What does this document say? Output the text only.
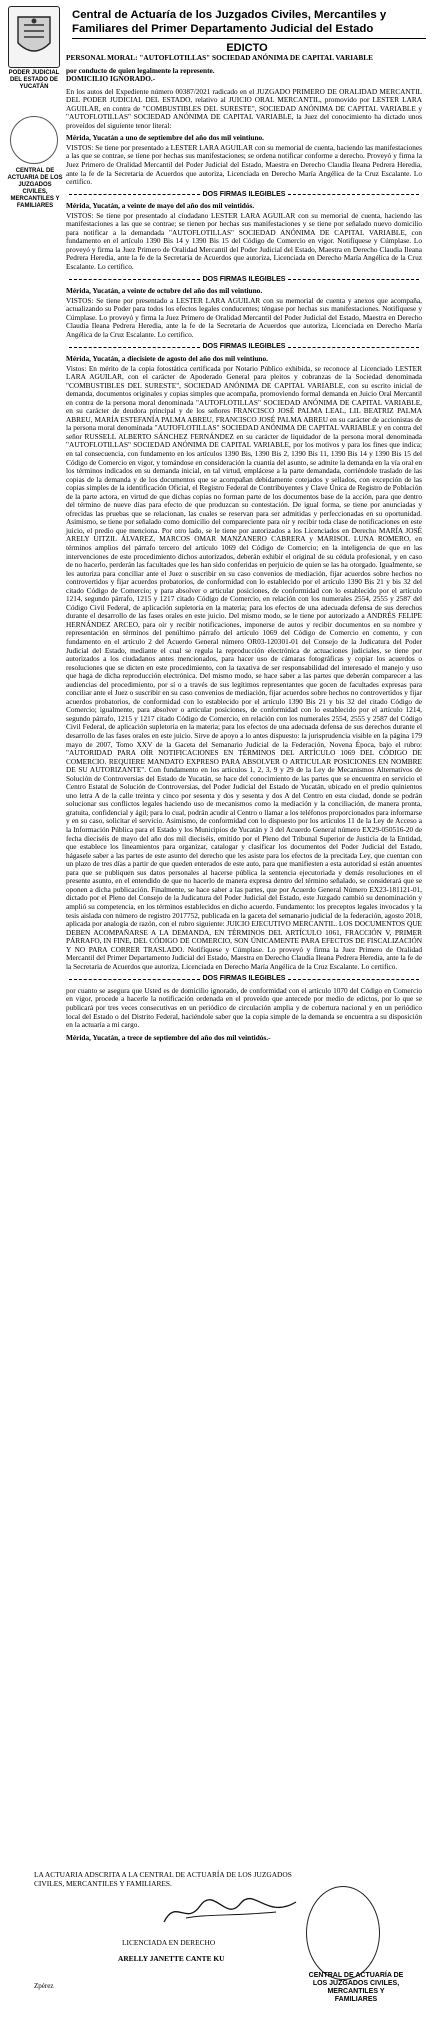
PODER JUDICIAL DEL ESTADO DE YUCATÁN
CENTRAL DE ACTUARIA DE LOS JUZGADOS CIVILES, MERCANTILES Y FAMILIARES
Central de Actuaría de los Juzgados Civiles, Mercantiles y Familiares del Primer Departamento Judicial del Estado
EDICTO

PERSONAL MORAL: "AUTOFLOTILLAS" SOCIEDAD ANÓNIMA DE CAPITAL VARIABLE

por conducto de quien legalmente la represente.

DOMICILIO IGNORADO.-

En los autos del Expediente número 00387/2021 radicado en el JUZGADO PRIMERO DE ORALIDAD MERCANTIL DEL PODER JUDICIAL DEL ESTADO, relativo al JUICIO ORAL MERCANTIL, promovido por LESTER LARA AGUILAR, en contra de "COMBUSTIBLES DEL SURESTE", SOCIEDAD ANÓNIMA DE CAPITAL VARIABLE y "AUTOFLOTILLAS" SOCIEDAD ANÓNIMA DE CAPITAL VARIABLE, la Juez del conocimiento ha dictado unos proveídos del siguiente tenor literal:

Mérida, Yucatán a uno de septiembre del año dos mil veintiuno.

VISTOS: Se tiene por presentado a LESTER LARA AGUILAR con su memorial de cuenta, haciendo las manifestaciones a las que se contrae, se tiene por hechas sus manifestaciones; se ordena notificar conforme a derecho. Proveyó y firma la Juez Primero de Oralidad Mercantil del Poder Judicial del Estado, Maestra en Derecho Claudia Ileana Pedrera Heredia, ante la fe de la Secretaria de Acuerdos que autoriza, Licenciada en Derecho María Angélica de la Cruz Escalante. Lo certifico.

DOS FIRMAS ILEGIBLES
Mérida, Yucatán, a veinte de mayo del año dos mil veintidós.

VISTOS: Se tiene por presentado al ciudadano LESTER LARA AGUILAR con su memorial de cuenta, haciendo las manifestaciones a las que se contrae; se tienen por hechas sus manifestaciones y se tiene por señalado nuevo domicilio para notificar a la demandada "AUTOFLOTILLAS" SOCIEDAD ANÓNIMA DE CAPITAL VARIABLE, con fundamento en el artículo 1390 Bis 14 y 1390 Bis 15 del Código de Comercio en vigor. Notifíquese y Cúmplase. Lo proveyó y firma la Juez Primero de Oralidad Mercantil del Poder Judicial del Estado, Maestra en Derecho Claudia Ileana Pedrera Heredia, ante la fe de la Secretaria de Acuerdos que autoriza, Licenciada en Derecho María Angélica de la Cruz Escalante. Lo certifico.

DOS FIRMAS ILEGIBLES
Mérida, Yucatán, a veinte de octubre del año dos mil veintiuno.

VISTOS: Se tiene por presentado a LESTER LARA AGUILAR con su memorial de cuenta y anexos que acompaña, actualizando su Poder para todos los efectos legales conducentes; téngase por hechas sus manifestaciones. Notifíquese y Cúmplase. Lo proveyó y firma la Juez Primero de Oralidad Mercantil del Poder Judicial del Estado, Maestra en Derecho Claudia Ileana Pedrera Heredia, ante la fe de la Secretaria de Acuerdos que autoriza, Licenciada en Derecho María Angélica de la Cruz Escalante. Lo certifico.

DOS FIRMAS ILEGIBLES
Mérida, Yucatán, a diecisiete de agosto del año dos mil veintiuno.

Vistos: En mérito de la copia fotostática certificada por Notario Público exhibida, se reconoce al Licenciado LESTER LARA AGUILAR, con el carácter de Apoderado General para pleitos y cobranzas de la Sociedad denominada "COMBUSTIBLES DEL SURESTE", SOCIEDAD ANÓNIMA DE CAPITAL VARIABLE, con su escrito inicial de demanda, documentos originales y copias simples que acompaña, promoviendo formal demanda en Juicio Oral Mercantil en contra de la persona moral denominada "AUTOFLOTILLAS" SOCIEDAD ANÓNIMA DE CAPITAL VARIABLE, en su carácter de deudora principal y de los señores FRANCISCO JOSÉ PALMA LEAL, LIL BEATRIZ PALMA ABREU, MARÍA ESTEFANÍA PALMA ABREU, FRANCISCO JOSÉ PALMA ABREU en su carácter de accionistas de la persona moral denominada "AUTOFLOTILLAS" SOCIEDAD ANÓNIMA DE CAPITAL VARIABLE y en contra del señor RUSSELL ALBERTO SÁNCHEZ FERNÁNDEZ en su carácter de liquidador de la persona moral denominada "AUTOFLOTILLAS" SOCIEDAD ANÓNIMA DE CAPITAL VARIABLE, por los motivos y para los fines que indica; en tal consecuencia, con fundamento en los artículos 1390 Bis, 1390 Bis 2, 1390 Bis 11, 1390 Bis 14 y 1390 Bis 15 del Código de Comercio en vigor, y tomándose en consideración la cuantía del asunto, se admite la demanda en la vía oral en los términos indicados en su demanda inicial, en tal virtud, emplácese a la parte demandada, corriéndole traslado de las copias de la demanda y de los documentos que se acompañan debidamente cotejados y sellados, con excepción de las copias simples de la identificación Oficial, el Registro Federal de Contribuyentes y Clave Única de Registro de Población de la parte actora, en virtud de que dichas copias no forman parte de los documentos base de la acción, para que dentro del término de nueve días para efecto de que produzcan su contestación. De igual forma, se tiene por anunciadas y ofrecidas las pruebas que se relacionan, las cuales se reservan para ser admitidas y perfeccionadas en su oportunidad. Asimismo, se tiene por señalado como domicilio del compareciente para oír y recibir toda clase de notificaciones en este juicio, el predio que menciona. Por otro lado, se le tiene por autorizados a los Licenciados en Derecho MARÍA JOSÉ ARELY UITZIL ÁLVAREZ, MARCOS OMAR MANZANERO CABRERA y MARISOL LUNA ROMERO, en términos amplios del párrafo tercero del artículo 1069 del Código de Comercio; en la inteligencia de que en las intervenciones de este procedimiento dichos autorizados, deberán exhibir el original de su cédula profesional, y en caso de no hacerlo, perderán las facultades que les han sido conferidas en perjuicio de quien se las ha otorgado. Igualmente, se les autoriza para conciliar ante el Juez o suscribir en su caso convenios de mediación, fijar acuerdos sobre hechos no controvertidos y fijar acuerdos probatorios, de conformidad con lo establecido por el artículo 1390 Bis 21 y bis 32 del citado Código de Comercio; y para absolver o articular posiciones, de conformidad con lo establecido por el artículo 1214, segundo párrafo, 1215 y 1217 citado Código de Comercio, en relación con los numerales 2554, 2555 y 2587 del Código Civil Federal, de aplicación supletoria en la materia; para los efectos de una adecuada defensa de sus derechos durante el desarrollo de las fases orales en este juicio. Del mismo modo, se le tiene por autorizado a ANDRÉS FELIPE HERNÁNDEZ ARCEO, para oír y recibir notificaciones, imponerse de autos y recibir documentos en su nombre y representación en términos del penúltimo párrafo del artículo 1069 del Código de Comercio en comento, y con fundamento en el artículo 2 del Acuerdo General número OR03-120301-01 del Consejo de la Judicatura del Poder Judicial del Estado, mediante el cual se regula la reproducción electrónica de actuaciones judiciales, se tiene por autorizados a los ciudadanos antes mencionados, para hacer uso de cámaras fotográficas y copiar los acuerdos o resoluciones que se dicten en este procedimiento, con la taxativa de ser responsabilidad del interesado el manejo y uso que haga de dicha reproducción electrónica. Del mismo modo, se hace saber a las partes que deberán comparecer a las audiencias del procedimiento, por sí o a través de sus legítimos representantes que gocen de facultades expresas para conciliar ante el Juez o suscribir en su caso convenios de mediación, fijar acuerdos sobre hechos no controvertidos y fijar acuerdos probatorios, de conformidad con lo establecido por el artículo 1390 Bis 21 y bis 32 del citado Código de Comercio; igualmente, para absolver o articular posiciones, de conformidad con lo establecido por el artículo 1214, segundo párrafo, 1215 y 1217 citado Código de Comercio, en relación con los numerales 2554, 2555 y 2587 del Código Civil Federal, de aplicación supletoria en la materia; para los efectos de una adecuada defensa de sus derechos durante el desarrollo de las fases orales en este juicio. Sirve de apoyo a lo antes dispuesto: la jurisprudencia visible en la página 179 mayo de 2007, Tomo XXV de la Gaceta del Semanario Judicial de la Federación, Novena Época, bajo el rubro: "AUTORIDAD PARA OÍR NOTIFICACIONES EN TÉRMINOS DEL ARTÍCULO 1069 DEL CÓDIGO DE COMERCIO. REQUIERE MANDATO EXPRESO PARA ABSOLVER O ARTICULAR POSICIONES EN NOMBRE DE SU AUTORIZANTE". Con fundamento en los artículos 1, 2, 3, 9 y 29 de la Ley de Mecanismos Alternativos de Solución de Controversias del Estado de Yucatán, se hace del conocimiento de las partes que se encuentra en servicio el Centro Estatal de Solución de Controversias, del Poder Judicial del Estado de Yucatán, ubicado en el predio quinientos uno letra A de la calle treinta y cinco por sesenta y dos y sesenta y dos A del Centro en esta ciudad, donde se podrán solucionar sus conflictos legales haciendo uso de mecanismos como la mediación y la conciliación, de manera pronta, gratuita, confidencial y ágil; para lo cual, podrán acudir al Centro o llamar a los teléfonos proporcionados para informarse y en su caso, solicitar el servicio. Asimismo, de conformidad con lo dispuesto por los artículos 11 de la Ley de Acceso a la Información Pública para el Estado y los Municipios de Yucatán y 3 del Acuerdo General número EX29-050516-20 de fecha dieciséis de mayo del año dos mil dieciséis, emitido por el Pleno del Tribunal Superior de Justicia de la Entidad, que establece los lineamientos para organizar, catalogar y clasificar los documentos del Poder Judicial del Estado, hágasele saber a las partes de este asunto del derecho que les asiste para los efectos de la precitada Ley, que cuentan con un plazo de tres días a partir de que queden enterados de este auto, para que manifiesten a esta autoridad si están anuentes para que se publiquen sus datos personales al hacerse pública la sentencia ejecutoriada y demás resoluciones en el presente asunto, en el entendido de que no hacerlo de manera expresa dentro del término señalado, se considerará que se oponen a dicha publicación. Finalmente, se hace saber a las partes, que por Acuerdo General Número EX23-181121-01, dictado por el Pleno del Consejo de la Judicatura del Poder Judicial del Estado, este Juzgado cambió su denominación y amplió su competencia, en los términos establecidos en dicho acuerdo. Fundamento: los preceptos legales invocados y la tesis aislada con número de registro 2017752, publicada en la gaceta del semanario judicial de la federación, agosto 2018, aplicada por analogía de razón, con el rubro siguiente: JUICIO EJECUTIVO MERCANTIL. LOS DOCUMENTOS QUE DEBEN ACOMPAÑARSE A LA DEMANDA, EN TÉRMINOS DEL ARTÍCULO 1061, FRACCIÓN V, PRIMER PÁRRAFO, IN FINE, DEL CÓDIGO DE COMERCIO, SON ÚNICAMENTE PARA EFECTOS DE FISCALIZACIÓN Y NO PARA CORRER TRASLADO. Notifíquese y Cúmplase. Lo proveyó y firma la Juez Primero de Oralidad Mercantil del Primer Departamento Judicial del Estado, Maestra en Derecho Claudia Ileana Pedrera Heredia, ante la fe de la Secretaria de Acuerdos que autoriza, Licenciada en Derecho María Angélica de la Cruz Escalante. Lo certifico.

DOS FIRMAS ILEGIBLES

por cuanto se asegura que Usted es de domicilio ignorado, de conformidad con el artículo 1070 del Código en Comercio en vigor, procede a hacerle la notificación ordenada en el proveído que antecede por medio de edictos, por lo que se publicará por tres veces consecutivas en un periódico de circulación amplia y de cobertura nacional y en un periódico local del Estado o del Distrito Federal, haciéndole saber que la copia simple de la demanda se encuentra a su disposición en la actuaría a mi cargo.

Mérida, Yucatán, a trece de septiembre del año dos mil veintidós.-

LA ACTUARIA ADSCRITA A LA CENTRAL DE ACTUARÍA DE LOS JUZGADOS CIVILES, MERCANTILES Y FAMILIARES.
LICENCIADA EN DERECHO
ARELLY JANETTE CANTE KU
CENTRAL DE ACTUARÍA DE LOS JUZGADOS CIVILES, MERCANTILES Y FAMILIARES
Zpérez
